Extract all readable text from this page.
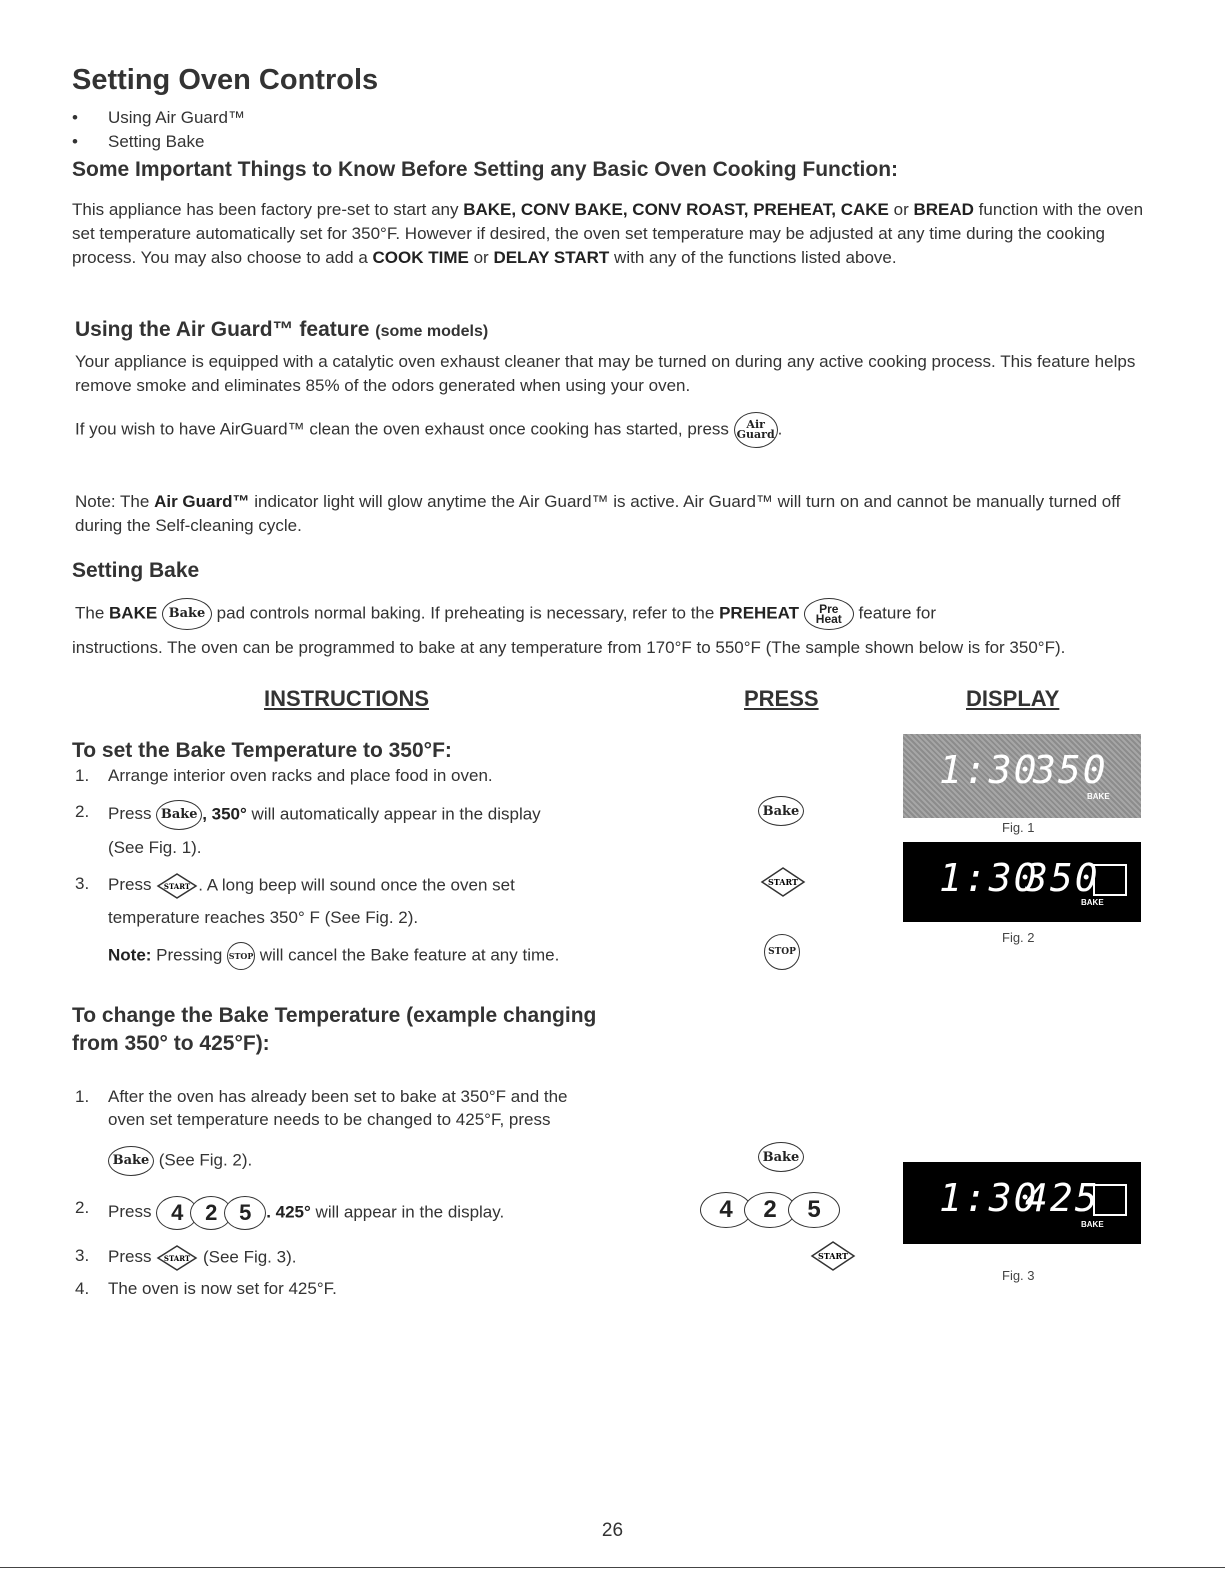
Setting Oven Controls
• Using Air Guard™
• Setting Bake
Some Important Things to Know Before Setting any Basic Oven Cooking Function:

This appliance has been factory pre-set to start any BAKE, CONV BAKE, CONV ROAST, PREHEAT, CAKE or BREAD function with the oven set temperature automatically set for 350°F. However if desired, the oven set temperature may be adjusted at any time during the cooking process. You may also choose to add a COOK TIME or DELAY START with any of the functions listed above.

Using the Air Guard™ feature (some models)

Your appliance is equipped with a catalytic oven exhaust cleaner that may be turned on during any active cooking process. This feature helps remove smoke and eliminates 85% of the odors generated when using your oven.

If you wish to have AirGuard™ clean the oven exhaust once cooking has started, press Air
Guard .

Note: The Air Guard™ indicator light will glow anytime the Air Guard™ is active. Air Guard™ will turn on and cannot be manually turned off during the Self-cleaning cycle.

Setting Bake

The BAKE Bake pad controls normal baking. If preheating is necessary, refer to the PREHEAT Pre
Heat feature for

instructions. The oven can be programmed to bake at any temperature from 170°F to 550°F (The sample shown below is for 350°F).

INSTRUCTIONS	PRESS	DISPLAY
To set the Bake Temperature to 350°F:
1. Arrange interior oven racks and place food in oven.
2. Press Bake , 350° will automatically appear in the display
(See Fig. 1).
3. Press START . A long beep will sound once the oven set
temperature reaches 350° F (See Fig. 2).
Note: Pressing STOP will cancel the Bake feature at any time.
Bake
START

STOP
1:30
350
BAKE
Fig. 1
1:30
350
BAKE
Fig. 2
To change the Bake Temperature (example changing
from 350° to 425°F):
1. After the oven has already been set to bake at 350°F and the
oven set temperature needs to be changed to 425°F, press
Bake (See Fig. 2).
2. Press 4 2 5 . 425° will appear in the display.
3. Press START (See Fig. 3).
4. The oven is now set for 425°F.
Bake
4 2 5
START
1:30
425
BAKE
Fig. 3
26
